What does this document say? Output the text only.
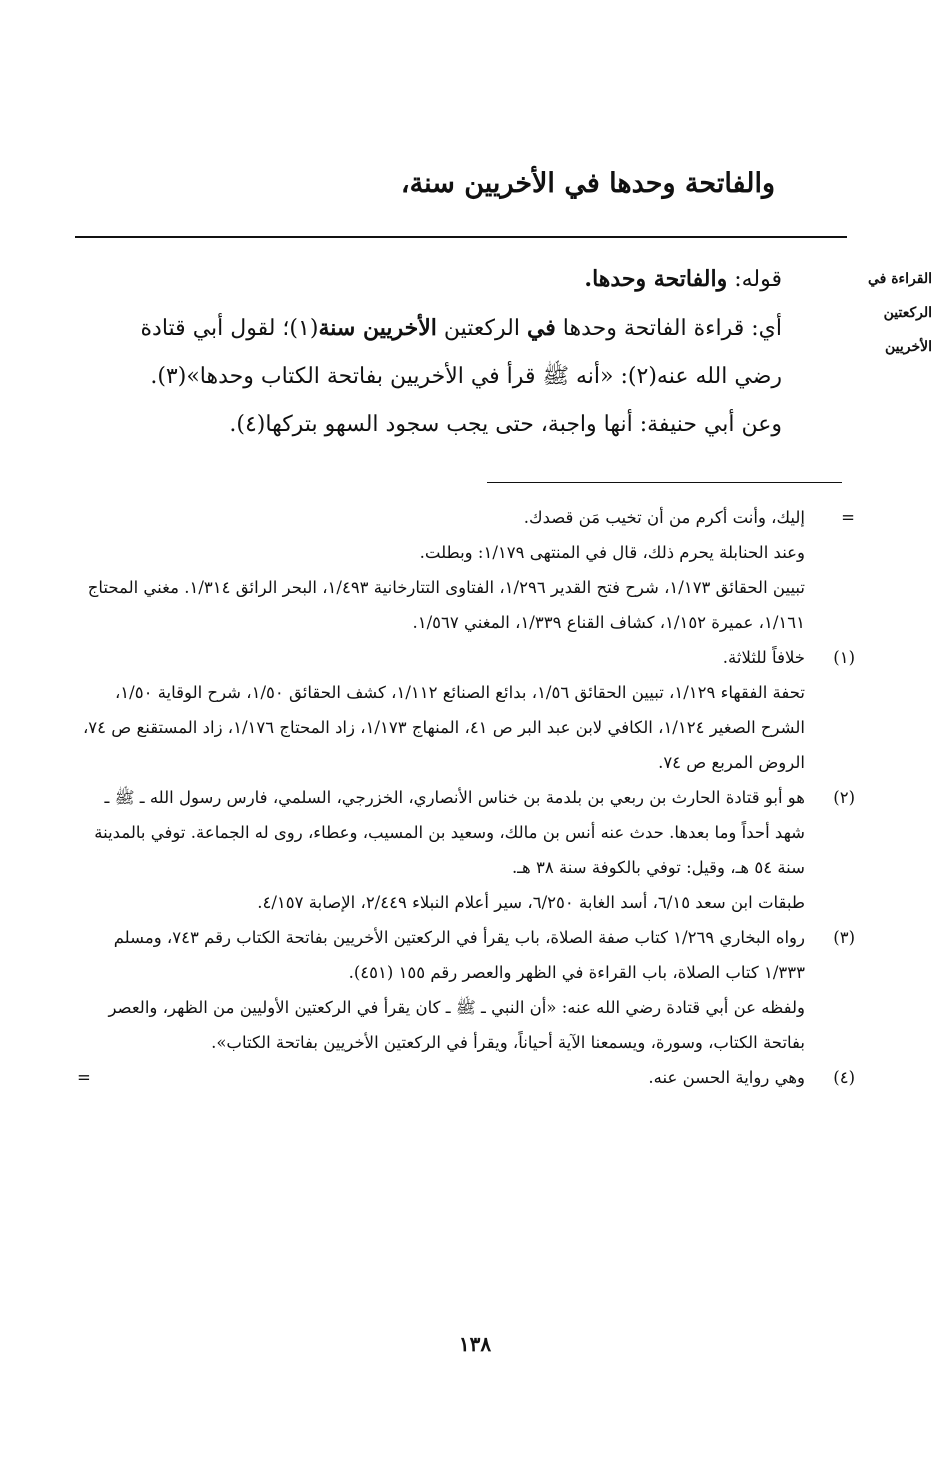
والفاتحة وحدها في الأخريين سنة،
القراءة في
الركعتين
الأخريين

قوله: والفاتحة وحدها.

أي: قراءة الفاتحة وحدها في الركعتين الأخريين سنة(١)؛ لقول أبي قتادة رضي الله عنه(٢): «أنه ﷺ قرأ في الأخريين بفاتحة الكتاب وحدها»(٣).

وعن أبي حنيفة: أنها واجبة، حتى يجب سجود السهو بتركها(٤).

=

إليك، وأنت أكرم من أن تخيب مَن قصدك.

وعند الحنابلة يحرم ذلك، قال في المنتهى ١/١٧٩: وبطلت.

تبيين الحقائق ١/١٧٣، شرح فتح القدير ١/٢٩٦، الفتاوى التتارخانية ١/٤٩٣، البحر الرائق ١/٣١٤. مغني المحتاج ١/١٦١، عميرة ١/١٥٢، كشاف القناع ١/٣٣٩، المغني ١/٥٦٧.

(١)

خلافاً للثلاثة.

تحفة الفقهاء ١/١٢٩، تبيين الحقائق ١/٥٦، بدائع الصنائع ١/١١٢، كشف الحقائق ١/٥٠، شرح الوقاية ١/٥٠، الشرح الصغير ١/١٢٤، الكافي لابن عبد البر ص ٤١، المنهاج ١/١٧٣، زاد المحتاج ١/١٧٦، زاد المستقنع ص ٧٤، الروض المربع ص ٧٤.

(٢)

هو أبو قتادة الحارث بن ربعي بن بلدمة بن خناس الأنصاري، الخزرجي، السلمي، فارس رسول الله ـ ﷺ ـ شهد أحداً وما بعدها. حدث عنه أنس بن مالك، وسعيد بن المسيب، وعطاء، روى له الجماعة. توفي بالمدينة سنة ٥٤ هـ، وقيل: توفي بالكوفة سنة ٣٨ هـ.

طبقات ابن سعد ٦/١٥، أسد الغابة ٦/٢٥٠، سير أعلام النبلاء ٢/٤٤٩، الإصابة ٤/١٥٧.

(٣)

رواه البخاري ١/٢٦٩ كتاب صفة الصلاة، باب يقرأ في الركعتين الأخريين بفاتحة الكتاب رقم ٧٤٣، ومسلم ١/٣٣٣ كتاب الصلاة، باب القراءة في الظهر والعصر رقم ١٥٥ (٤٥١).

ولفظه عن أبي قتادة رضي الله عنه: «أن النبي ـ ﷺ ـ كان يقرأ في الركعتين الأوليين من الظهر، والعصر بفاتحة الكتاب، وسورة، ويسمعنا الآية أحياناً، ويقرأ في الركعتين الأخريين بفاتحة الكتاب».

(٤)
=	وهي رواية الحسن عنه.

١٣٨
